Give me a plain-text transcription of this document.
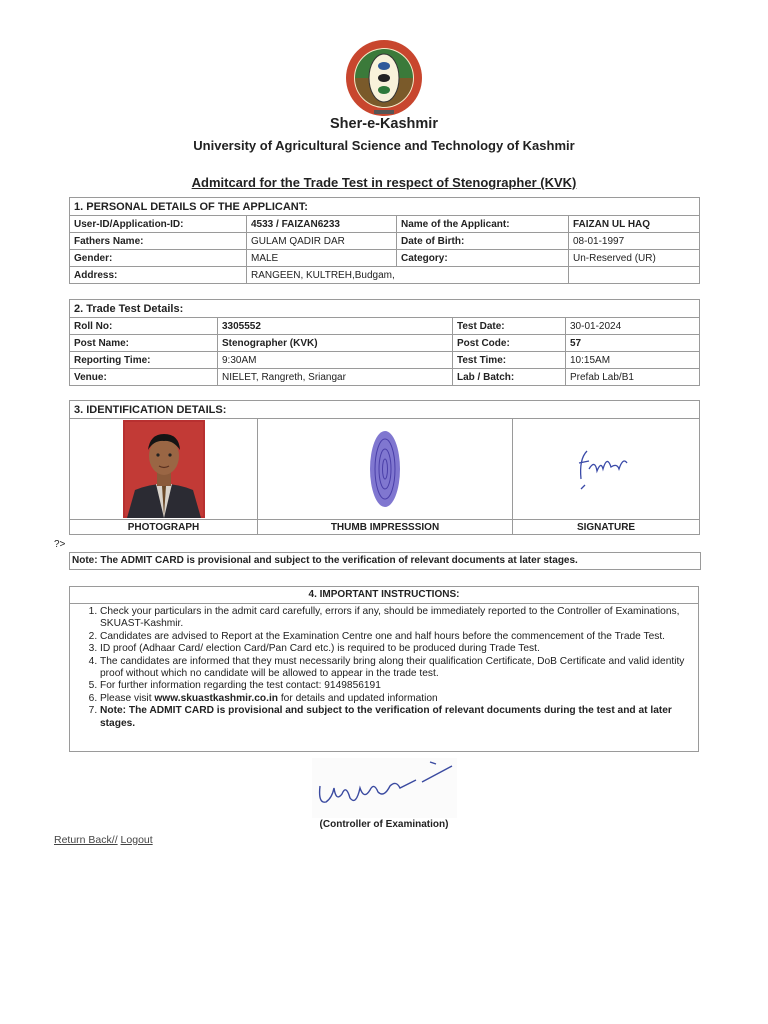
Sher-e-Kashmir
University of Agricultural Science and Technology of Kashmir
Admitcard for the Trade Test in respect of Stenographer (KVK)
1. PERSONAL DETAILS OF THE APPLICANT:			
User-ID/Application-ID:	4533 / FAIZAN6233	Name of the Applicant:	FAIZAN UL HAQ
Fathers Name:	GULAM QADIR DAR	Date of Birth:	08-01-1997
Gender:	MALE	Category:	Un-Reserved (UR)
Address:	RANGEEN, KULTREH,Budgam,		
2. Trade Test Details:			
Roll No:	3305552	Test Date:	30-01-2024
Post Name:	Stenographer (KVK)	Post Code:	57
Reporting Time:	9:30AM	Test Time:	10:15AM
Venue:	NIELET, Rangreth, Sriangar	Lab / Batch:	Prefab Lab/B1
3. IDENTIFICATION DETAILS:		

PHOTOGRAPH	THUMB IMPRESSSION	SIGNATURE
?>
Note: The ADMIT CARD is provisional and subject to the verification of relevant documents at later stages.
4. IMPORTANT INSTRUCTIONS:
1. Check your particulars in the admit card carefully, errors if any, should be immediately reported to the Controller of Examinations, SKUAST-Kashmir.
2. Candidates are advised to Report at the Examination Centre one and half hours before the commencement of the Trade Test.
3. ID proof (Adhaar Card/ election Card/Pan Card etc.) is required to be produced during Trade Test.
4. The candidates are informed that they must necessarily bring along their qualification Certificate, DoB Certificate and valid identity proof without which no candidate will be allowed to appear in the trade test.
5. For further information regarding the test contact: 9149856191
6. Please visit www.skuastkashmir.co.in for details and updated information
7. Note: The ADMIT CARD is provisional and subject to the verification of relevant documents during the test and at later stages.
(Controller of Examination)
Return Back// Logout
